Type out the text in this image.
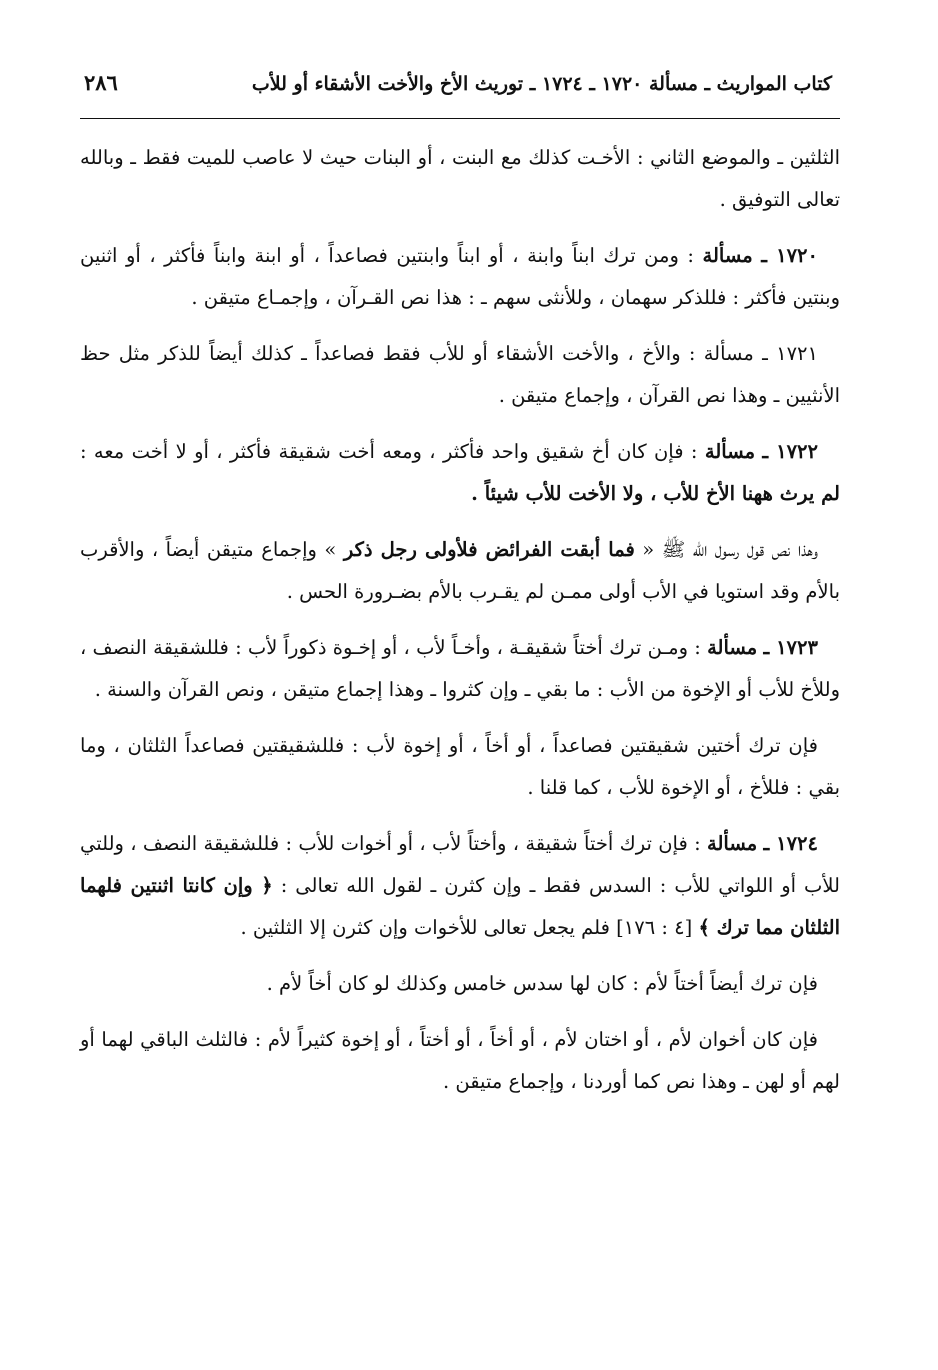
٢٨٦	كتاب المواريث ـ مسألة ١٧٢٠ ـ ١٧٢٤ ـ توريث الأخ والأخت الأشقاء أو للأب

الثلثين ـ والموضع الثاني : الأخـت كذلك مع البنت ، أو البنات حيث لا عاصب للميت فقط ـ وبالله تعالى التوفيق .

١٧٢٠ ـ مسألة : ومن ترك ابناً وابنة ، أو ابناً وابنتين فصاعداً ، أو ابنة وابناً فأكثر ، أو اثنين وبنتين فأكثر : فللذكر سهمان ، وللأنثى سهم ـ : هذا نص القـرآن ، وإجمـاع متيقن .

١٧٢١ ـ مسألة : والأخ ، والأخت الأشقاء أو للأب فقط فصاعداً ـ كذلك أيضاً للذكر مثل حظ الأنثيين ـ وهذا نص القرآن ، وإجماع متيقن .

١٧٢٢ ـ مسألة : فإن كان أخ شقيق واحد فأكثر ، ومعه أخت شقيقة فأكثر ، أو لا أخت معه : لم يرث ههنا الأخ للأب ، ولا الأخت للأب شيئاً .

وهذا نص قول رسول الله ﷺ « فما أبقت الفرائض فلأولى رجل ذكر » وإجماع متيقن أيضاً ، والأقرب بالأم وقد استويا في الأب أولى ممـن لم يقـرب بالأم بضـرورة الحس .

١٧٢٣ ـ مسألة : ومـن ترك أختاً شقيقـة ، وأخـاً لأب ، أو إخـوة ذكوراً لأب : فللشقيقة النصف ، وللأخ للأب أو الإخوة من الأب : ما بقي ـ وإن كثروا ـ وهذا إجماع متيقن ، ونص القرآن والسنة .

فإن ترك أختين شقيقتين فصاعداً ، أو أخاً ، أو إخوة لأب : فللشقيقتين فصاعداً الثلثان ، وما بقي : فللأخ ، أو الإخوة للأب ، كما قلنا .

١٧٢٤ ـ مسألة : فإن ترك أختاً شقيقة ، وأختاً لأب ، أو أخوات للأب : فللشقيقة النصف ، وللتي للأب أو اللواتي للأب : السدس فقط ـ وإن كثرن ـ لقول الله تعالى : ﴿ وإن كانتا اثنتين فلهما الثلثان مما ترك ﴾ [٤ : ١٧٦] فلم يجعل تعالى للأخوات وإن كثرن إلا الثلثين .

فإن ترك أيضاً أختاً لأم : كان لها سدس خامس وكذلك لو كان أخاً لأم .

فإن كان أخوان لأم ، أو اختان لأم ، أو أخاً ، أو أختاً ، أو إخوة كثيراً لأم : فالثلث الباقي لهما أو لهم أو لهن ـ وهذا نص كما أوردنا ، وإجماع متيقن .
